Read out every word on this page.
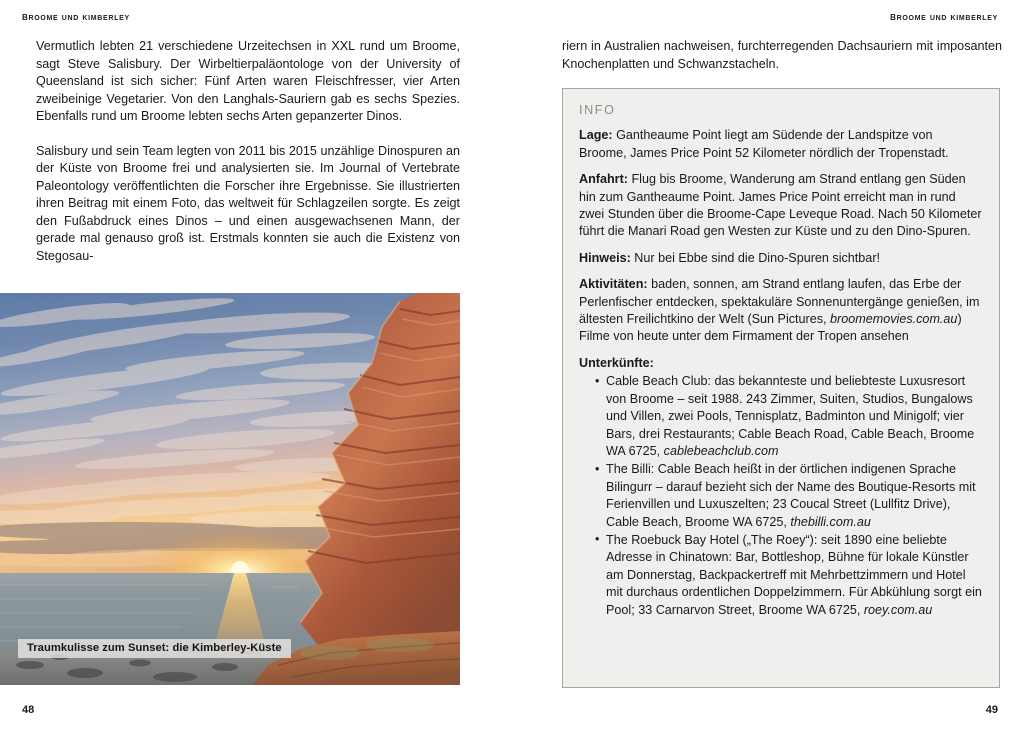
broome und kimberley	broome und kimberley

Vermutlich lebten 21 verschiedene Urzeitechsen in XXL rund um Broome, sagt Steve Salisbury. Der Wirbeltierpaläontologe von der University of Queensland ist sich sicher: Fünf Arten waren Fleischfresser, vier Arten zweibeinige Vegetarier. Von den Langhals-Sauriern gab es sechs Spezies. Ebenfalls rund um Broome lebten sechs Arten gepanzerter Dinos.

Salisbury und sein Team legten von 2011 bis 2015 unzählige Dinospuren an der Küste von Broome frei und analysierten sie. Im Journal of Vertebrate Paleontology veröffentlichten die Forscher ihre Ergebnisse. Sie illustrierten ihren Beitrag mit einem Foto, das weltweit für Schlagzeilen sorgte. Es zeigt den Fußabdruck eines Dinos – und einen ausgewachsenen Mann, der gerade mal genauso groß ist. Erstmals konnten sie auch die Existenz von Stegosau-

Traumkulisse zum Sunset: die Kimberley-Küste

riern in Australien nachweisen, furchterregenden Dachsauriern mit imposanten Knochenplatten und Schwanzstacheln.

INFO
Lage: Gantheaume Point liegt am Südende der Landspitze von Broome, James Price Point 52 Kilometer nördlich der Tropenstadt.
Anfahrt: Flug bis Broome, Wanderung am Strand entlang gen Süden hin zum Gantheaume Point. James Price Point erreicht man in rund zwei Stunden über die Broome-Cape Leveque Road. Nach 50 Kilometer führt die Manari Road gen Westen zur Küste und zu den Dino-Spuren.
Hinweis: Nur bei Ebbe sind die Dino-Spuren sichtbar!
Aktivitäten: baden, sonnen, am Strand entlang laufen, das Erbe der Perlenfischer entdecken, spektakuläre Sonnenuntergänge genießen, im ältesten Freilichtkino der Welt (Sun Pictures, broomemovies.com.au) Filme von heute unter dem Firmament der Tropen ansehen
Unterkünfte:
• Cable Beach Club: das bekannteste und beliebteste Luxusresort von Broome – seit 1988. 243 Zimmer, Suiten, Studios, Bungalows und Villen, zwei Pools, Tennisplatz, Badminton und Minigolf; vier Bars, drei Restaurants; Cable Beach Road, Cable Beach, Broome WA 6725, cablebeachclub.com
• The Billi: Cable Beach heißt in der örtlichen indigenen Sprache Bilingurr – darauf bezieht sich der Name des Boutique-Resorts mit Ferienvillen und Luxuszelten; 23 Coucal Street (Lullfitz Drive), Cable Beach, Broome WA 6725, thebilli.com.au
• The Roebuck Bay Hotel („The Roey“): seit 1890 eine beliebte Adresse in Chinatown: Bar, Bottleshop, Bühne für lokale Künstler am Donnerstag, Backpackertreff mit Mehrbettzimmern und Hotel mit durchaus ordentlichen Doppelzimmern. Für Abkühlung sorgt ein Pool; 33 Carnarvon Street, Broome WA 6725, roey.com.au
48	49
